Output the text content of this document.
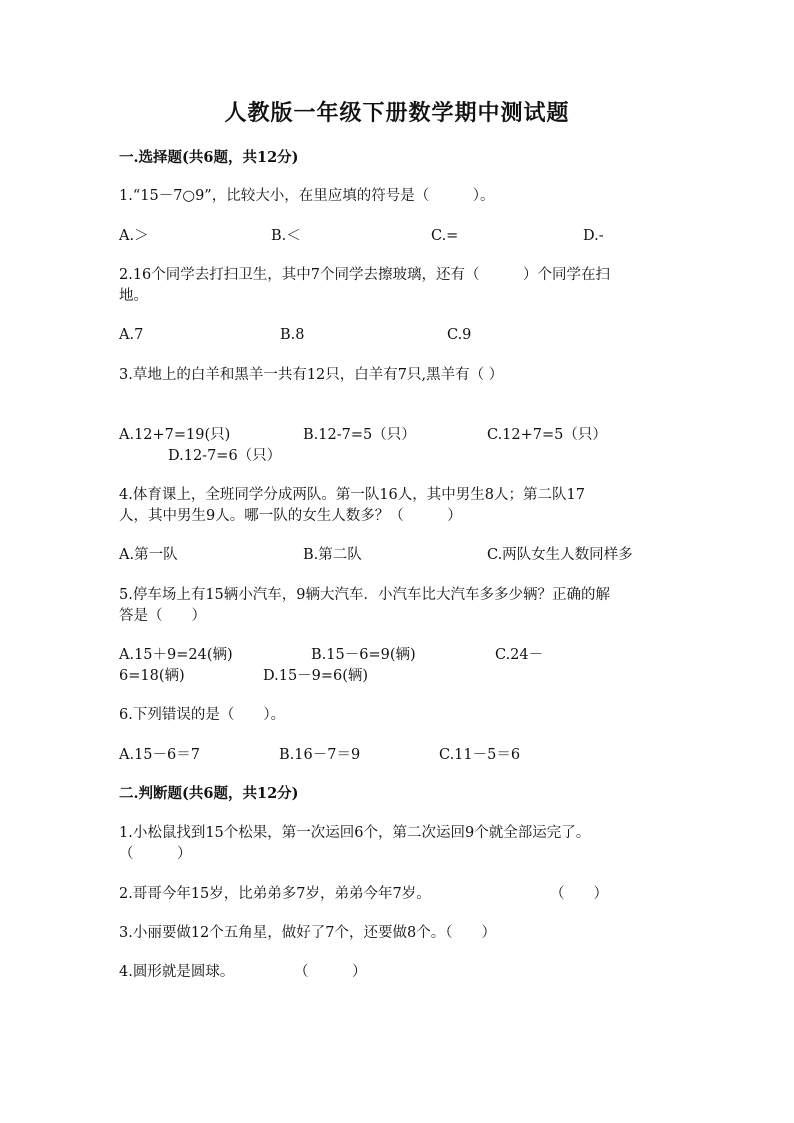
人教版一年级下册数学期中测试题
一.选择题(共6题，共12分)
1.“15－7○9”，比较大小，在里应填的符号是（　　　）。
A.＞	B.＜	C.=	D.-
2.16个同学去打扫卫生，其中7个同学去擦玻璃，还有（　　　）个同学在扫
地。
A.7	B.8	C.9
3.草地上的白羊和黑羊一共有12只，白羊有7只,黑羊有（ ）
A.12+7=19(只)	B.12-7=5（只）	C.12+7=5（只）
D.12-7=6（只）
4.体育课上，全班同学分成两队。第一队16人，其中男生8人；第二队17
人，其中男生9人。哪一队的女生人数多？（　　　）
A.第一队	B.第二队	C.两队女生人数同样多
5.停车场上有15辆小汽车，9辆大汽车．小汽车比大汽车多多少辆？正确的解
答是（　　）
A.15＋9=24(辆)	B.15－6=9(辆)	C.24－
6=18(辆)	D.15－9=6(辆)
6.下列错误的是（　　）。
A.15－6＝7	B.16－7＝9	C.11－5＝6
二.判断题(共6题，共12分)
1.小松鼠找到15个松果，第一次运回6个，第二次运回9个就全部运完了。
（　　　）
2.哥哥今年15岁，比弟弟多7岁，弟弟今年7岁。	（　　）
3.小丽要做12个五角星，做好了7个，还要做8个。（　　）
4.圆形就是圆球。	（　　　）
